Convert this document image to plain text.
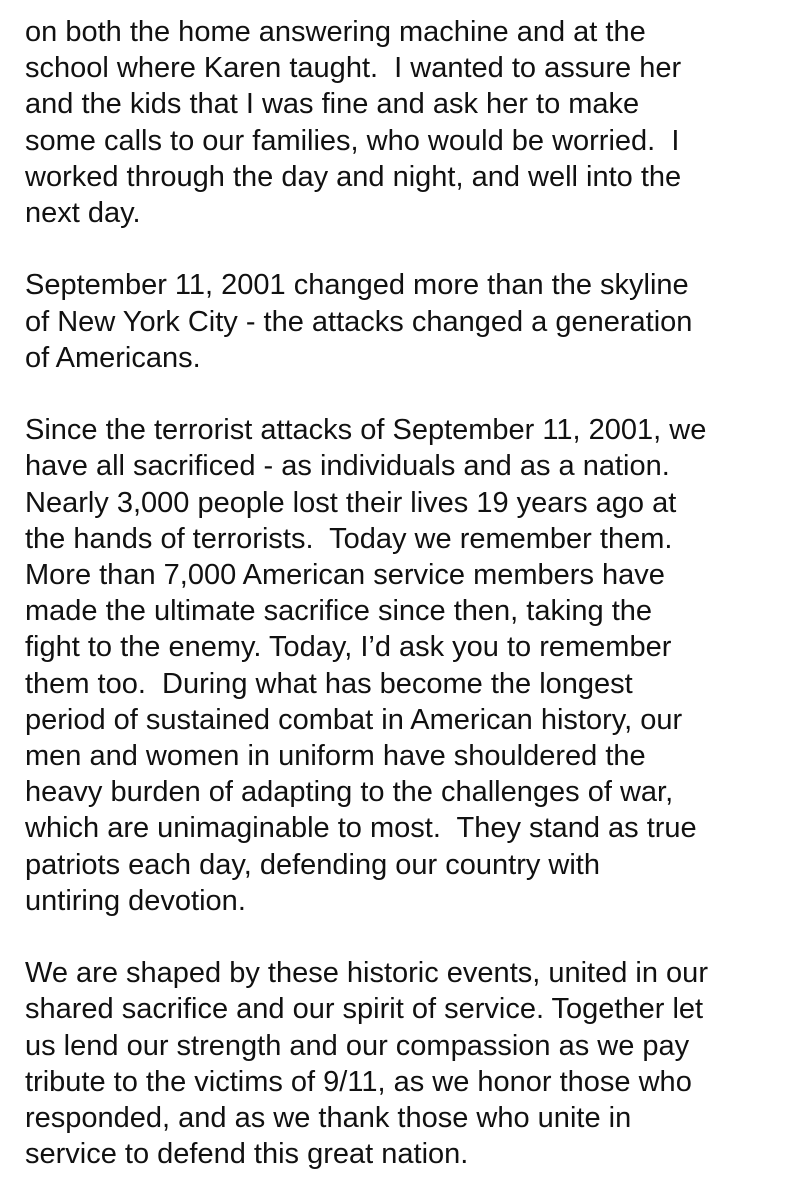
on both the home answering machine and at the
school where Karen taught.  I wanted to assure her
and the kids that I was fine and ask her to make
some calls to our families, who would be worried.  I
worked through the day and night, and well into the
next day.

September 11, 2001 changed more than the skyline
of New York City - the attacks changed a generation
of Americans.

Since the terrorist attacks of September 11, 2001, we
have all sacrificed - as individuals and as a nation.
Nearly 3,000 people lost their lives 19 years ago at
the hands of terrorists.  Today we remember them.
More than 7,000 American service members have
made the ultimate sacrifice since then, taking the
fight to the enemy. Today, I’d ask you to remember
them too.  During what has become the longest
period of sustained combat in American history, our
men and women in uniform have shouldered the
heavy burden of adapting to the challenges of war,
which are unimaginable to most.  They stand as true
patriots each day, defending our country with
untiring devotion.

We are shaped by these historic events, united in our
shared sacrifice and our spirit of service. Together let
us lend our strength and our compassion as we pay
tribute to the victims of 9/11, as we honor those who
responded, and as we thank those who unite in
service to defend this great nation.
